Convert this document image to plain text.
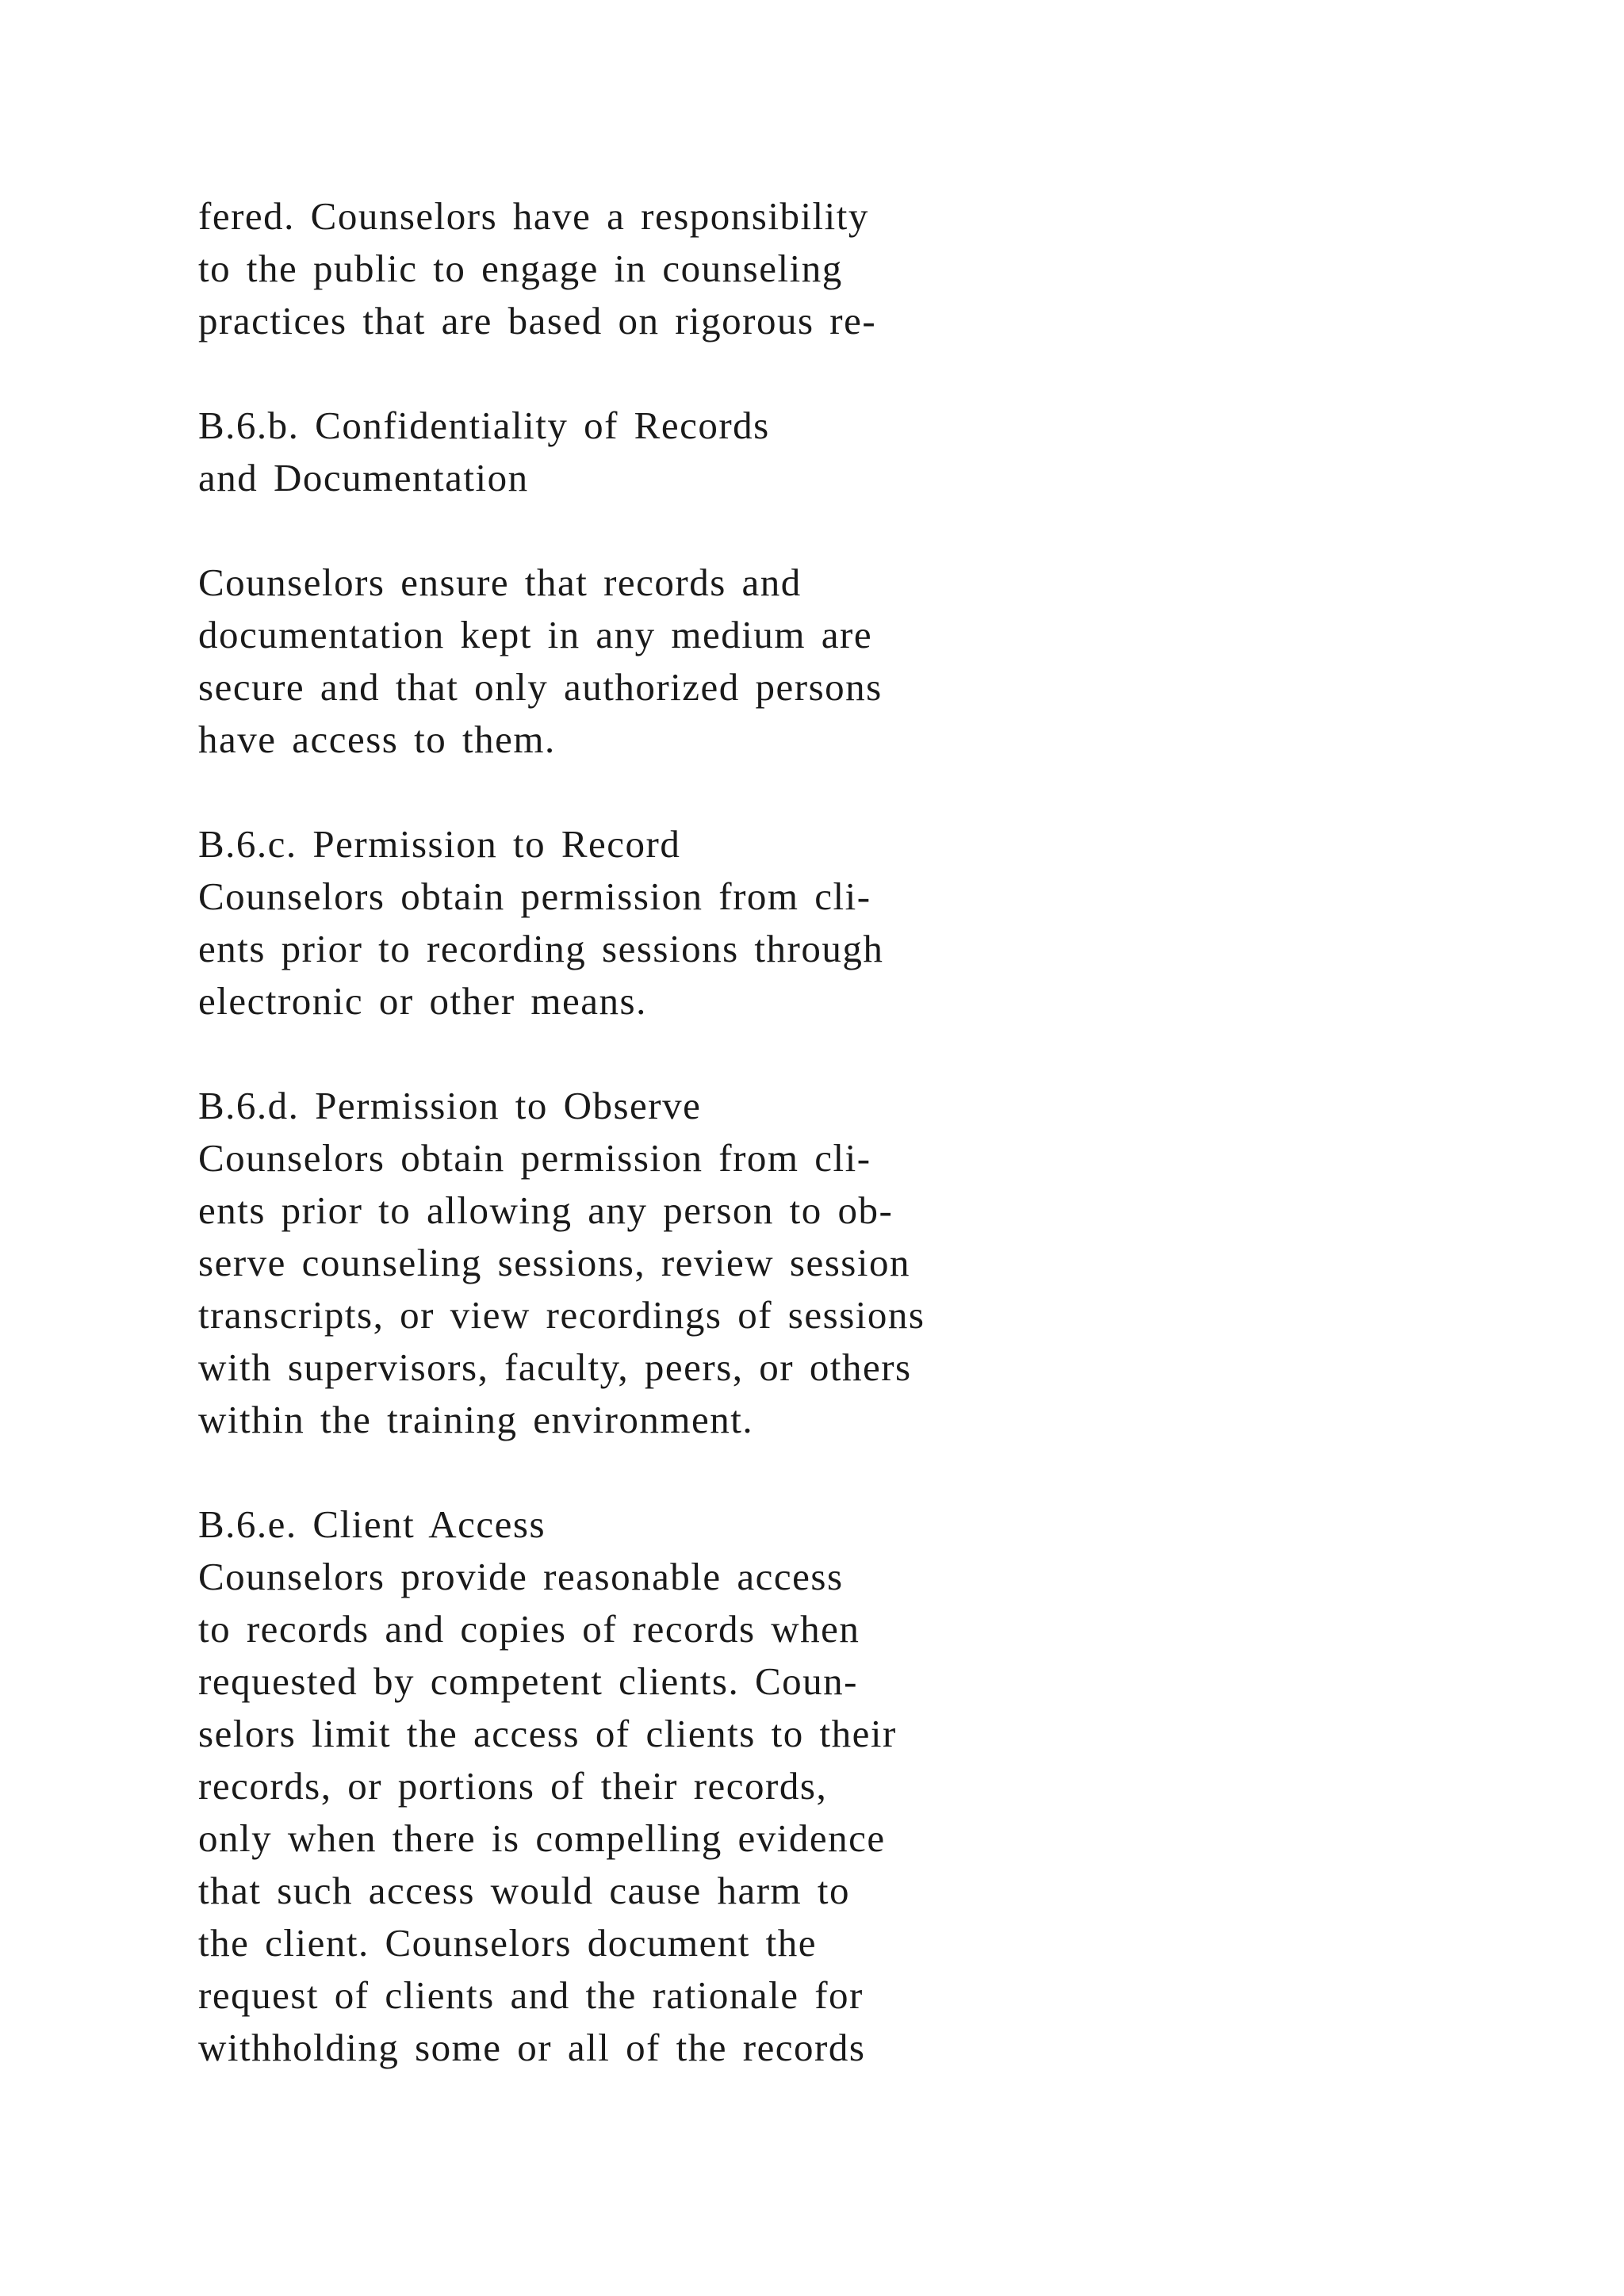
fered. Counselors have a responsibility
to the public to engage in counseling
practices that are based on rigorous re-
B.6.b. Confidentiality of Records
and Documentation
Counselors ensure that records and
documentation kept in any medium are
secure and that only authorized persons
have access to them.
B.6.c. Permission to Record
Counselors obtain permission from cli-
ents prior to recording sessions through
electronic or other means.
B.6.d. Permission to Observe
Counselors obtain permission from cli-
ents prior to allowing any person to ob-
serve counseling sessions, review session
transcripts, or view recordings of sessions
with supervisors, faculty, peers, or others
within the training environment.
B.6.e. Client Access
Counselors provide reasonable access
to records and copies of records when
requested by competent clients. Coun-
selors limit the access of clients to their
records, or portions of their records,
only when there is compelling evidence
that such access would cause harm to
the client. Counselors document the
request of clients and the rationale for
withholding some or all of the records
